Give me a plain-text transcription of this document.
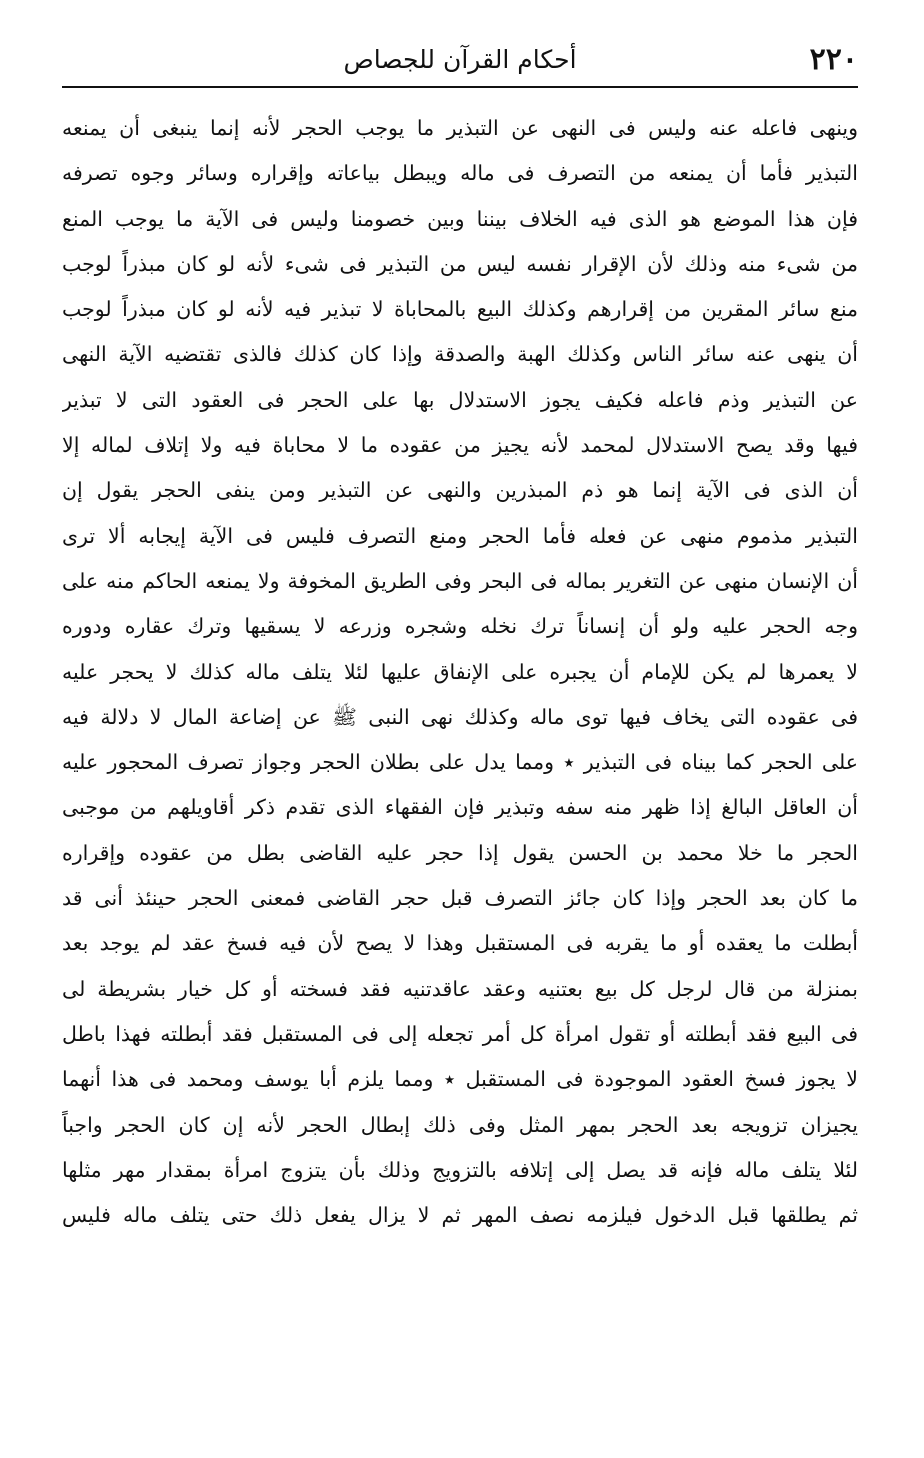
٢٢٠
أحكام القرآن للجصاص
وينهى فاعله عنه وليس فى النهى عن التبذير ما يوجب الحجر لأنه إنما ينبغى أن يمنعه
التبذير فأما أن يمنعه من التصرف فى ماله ويبطل بياعاته وإقراره وسائر وجوه تصرفه
فإن هذا الموضع هو الذى فيه الخلاف بيننا وبين خصومنا وليس فى الآية ما يوجب المنع
من شىء منه وذلك لأن الإقرار نفسه ليس من التبذير فى شىء لأنه لو كان مبذراً لوجب
منع سائر المقرين من إقرارهم وكذلك البيع بالمحاباة لا تبذير فيه لأنه لو كان مبذراً لوجب
أن ينهى عنه سائر الناس وكذلك الهبة والصدقة وإذا كان كذلك فالذى تقتضيه الآية النهى
عن التبذير وذم فاعله فكيف يجوز الاستدلال بها على الحجر فى العقود التى لا تبذير
فيها وقد يصح الاستدلال لمحمد لأنه يجيز من عقوده ما لا محاباة فيه ولا إتلاف لماله إلا
أن الذى فى الآية إنما هو ذم المبذرين والنهى عن التبذير ومن ينفى الحجر يقول إن
التبذير مذموم منهى عن فعله فأما الحجر ومنع التصرف فليس فى الآية إيجابه ألا ترى
أن الإنسان منهى عن التغرير بماله فى البحر وفى الطريق المخوفة ولا يمنعه الحاكم منه على
وجه الحجر عليه ولو أن إنساناً ترك نخله وشجره وزرعه لا يسقيها وترك عقاره ودوره
لا يعمرها لم يكن للإمام أن يجبره على الإنفاق عليها لئلا يتلف ماله كذلك لا يحجر عليه
فى عقوده التى يخاف فيها توى ماله وكذلك نهى النبى ﷺ عن إضاعة المال لا دلالة فيه
على الحجر كما بيناه فى التبذير ٭ ومما يدل على بطلان الحجر وجواز تصرف المحجور عليه
أن العاقل البالغ إذا ظهر منه سفه وتبذير فإن الفقهاء الذى تقدم ذكر أقاويلهم من موجبى
الحجر ما خلا محمد بن الحسن يقول إذا حجر عليه القاضى بطل من عقوده وإقراره
ما كان بعد الحجر وإذا كان جائز التصرف قبل حجر القاضى فمعنى الحجر حينئذ أنى قد
أبطلت ما يعقده أو ما يقربه فى المستقبل وهذا لا يصح لأن فيه فسخ عقد لم يوجد بعد
بمنزلة من قال لرجل كل بيع بعتنيه وعقد عاقدتنيه فقد فسخته أو كل خيار بشريطة لى
فى البيع فقد أبطلته أو تقول امرأة كل أمر تجعله إلى فى المستقبل فقد أبطلته فهذا باطل
لا يجوز فسخ العقود الموجودة فى المستقبل ٭ ومما يلزم أبا يوسف ومحمد فى هذا أنهما
يجيزان تزويجه بعد الحجر بمهر المثل وفى ذلك إبطال الحجر لأنه إن كان الحجر واجباً
لئلا يتلف ماله فإنه قد يصل إلى إتلافه بالتزويج وذلك بأن يتزوج امرأة بمقدار مهر مثلها
ثم يطلقها قبل الدخول فيلزمه نصف المهر ثم لا يزال يفعل ذلك حتى يتلف ماله فليس
